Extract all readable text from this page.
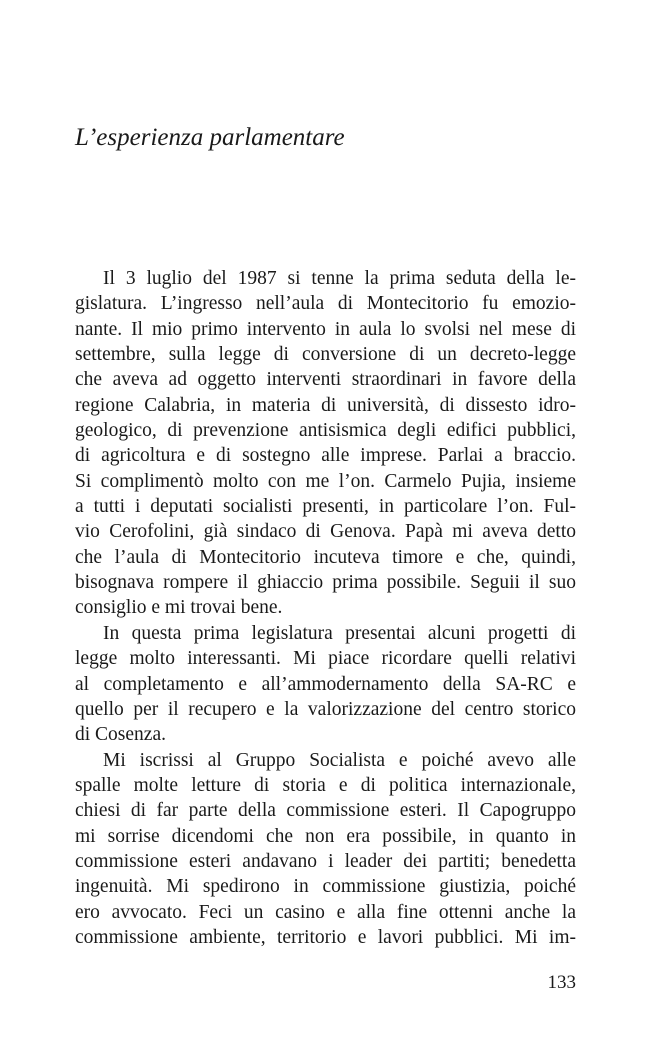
L’esperienza parlamentare
Il 3 luglio del 1987 si tenne la prima seduta della le-
gislatura. L’ingresso nell’aula di Montecitorio fu emozio-
nante. Il mio primo intervento in aula lo svolsi nel mese di
settembre, sulla legge di conversione di un decreto-legge
che aveva ad oggetto interventi straordinari in favore della
regione Calabria, in materia di università, di dissesto idro-
geologico, di prevenzione antisismica degli edifici pubblici,
di agricoltura e di sostegno alle imprese. Parlai a braccio.
Si complimentò molto con me l’on. Carmelo Pujia, insieme
a tutti i deputati socialisti presenti, in particolare l’on. Ful-
vio Cerofolini, già sindaco di Genova. Papà mi aveva detto
che l’aula di Montecitorio incuteva timore e che, quindi,
bisognava rompere il ghiaccio prima possibile. Seguii il suo
consiglio e mi trovai bene.
In questa prima legislatura presentai alcuni progetti di
legge molto interessanti. Mi piace ricordare quelli relativi
al completamento e all’ammodernamento della SA-RC e
quello per il recupero e la valorizzazione del centro storico
di Cosenza.
Mi iscrissi al Gruppo Socialista e poiché avevo alle
spalle molte letture di storia e di politica internazionale,
chiesi di far parte della commissione esteri. Il Capogruppo
mi sorrise dicendomi che non era possibile, in quanto in
commissione esteri andavano i leader dei partiti; benedetta
ingenuità. Mi spedirono in commissione giustizia, poiché
ero avvocato. Feci un casino e alla fine ottenni anche la
commissione ambiente, territorio e lavori pubblici. Mi im-
133
